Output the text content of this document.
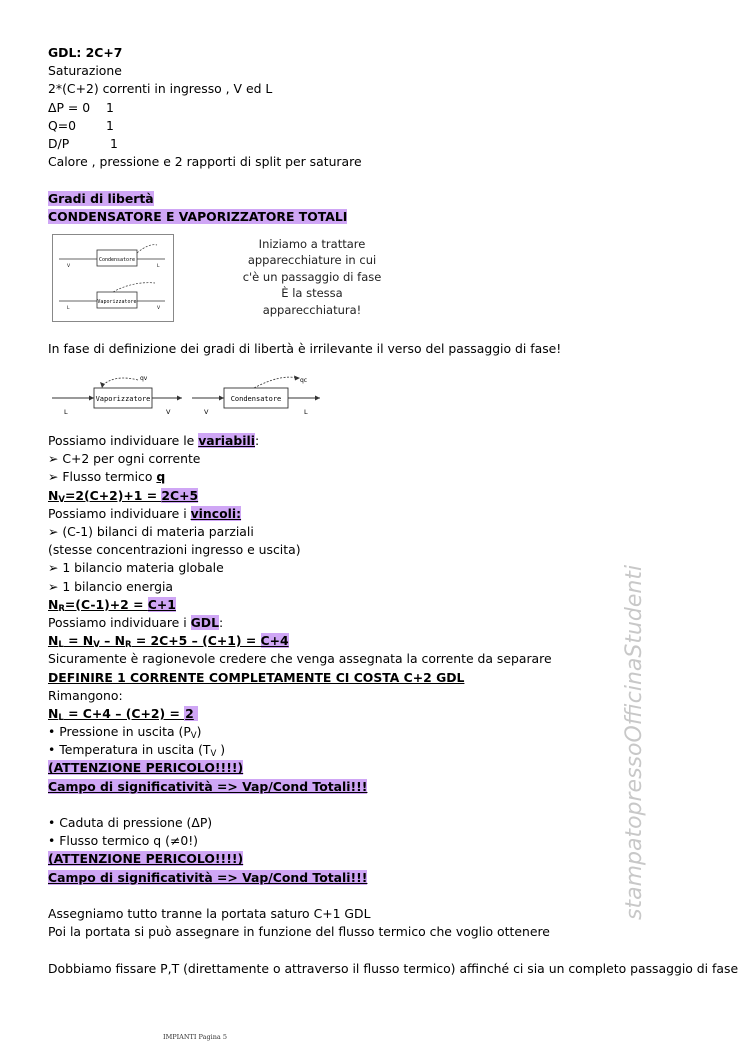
GDL: 2C+7
Saturazione
2*(C+2) correnti in ingresso , V ed L
ΔP = 0 1
Q=0 1
D/P	1
Calore , pressione e 2 rapporti di split per saturare
Gradi di libertà
CONDENSATORE E VAPORIZZATORE TOTALI
Condensatore
Vaporizzatore
V	L
L	V
Iniziamo a trattare
apparecchiature in cui
c'è un passaggio di fase
È la stessa
apparecchiatura!
In fase di definizione dei gradi di libertà è irrilevante il verso del passaggio di fase!
Vaporizzatore	Condensatore
L	V	V	L
qv	qc
Possiamo individuare le variabili:
➢ C+2 per ogni corrente
➢ Flusso termico q
$N_V=2(C+2)+1 = 2C+5$
Possiamo individuare i vincoli:
➢ (C-1) bilanci di materia parziali
(stesse concentrazioni ingresso e uscita)
➢ 1 bilancio materia globale
➢ 1 bilancio energia
$N_R=(C-1)+2 = C+1$
Possiamo individuare i GDL:
$N_L = N_V - N_R = 2C+5 - (C+1) = C+4$
Sicuramente è ragionevole credere che venga assegnata la corrente da separare
DEFINIRE 1 CORRENTE COMPLETAMENTE CI COSTA C+2 GDL
Rimangono:
$N_L = C+4 - (C+2) = 2$
• Pressione in uscita $(P_V)$
• Temperatura in uscita ($T_V$ )
(ATTENZIONE PERICOLO!!!!)
Campo di significatività => Vap/Cond Totali!!!
• Caduta di pressione (ΔP)
• Flusso termico q (≠0!)
(ATTENZIONE PERICOLO!!!!)
Campo di significatività => Vap/Cond Totali!!!
Assegniamo tutto tranne la portata saturo C+1 GDL
Poi la portata si può assegnare in funzione del flusso termico che voglio ottenere
Dobbiamo fissare P,T (direttamente o attraverso il flusso termico) affinché ci sia un completo passaggio di fase
stampatopressoOfficinaStudenti
IMPIANTI Pagina 5
